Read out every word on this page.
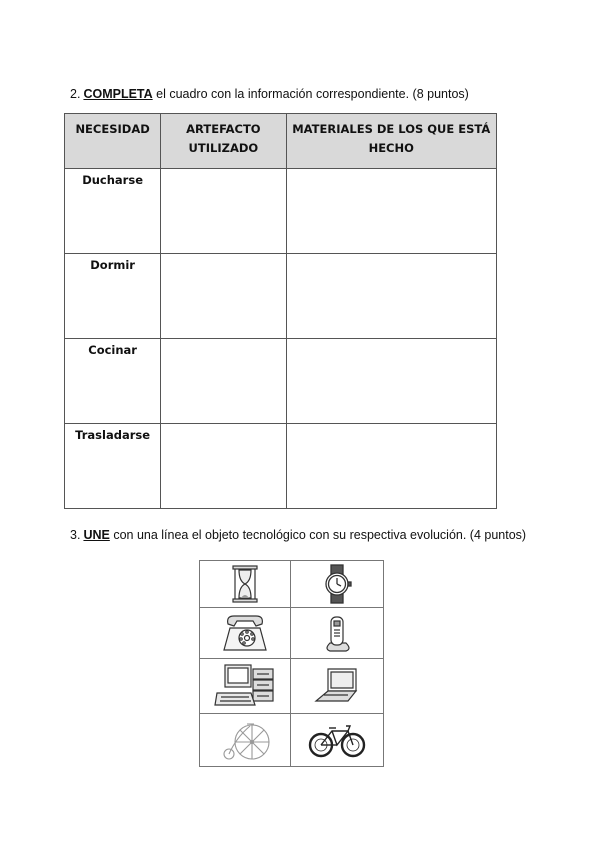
2. COMPLETA el cuadro con la información correspondiente. (8 puntos)
NECESIDAD	ARTEFACTO UTILIZADO	MATERIALES DE LOS QUE ESTÁ HECHO
Ducharse		
Dormir		
Cocinar		
Trasladarse		
3. UNE con una línea el objeto tecnológico con su respectiva evolución. (4 puntos)
